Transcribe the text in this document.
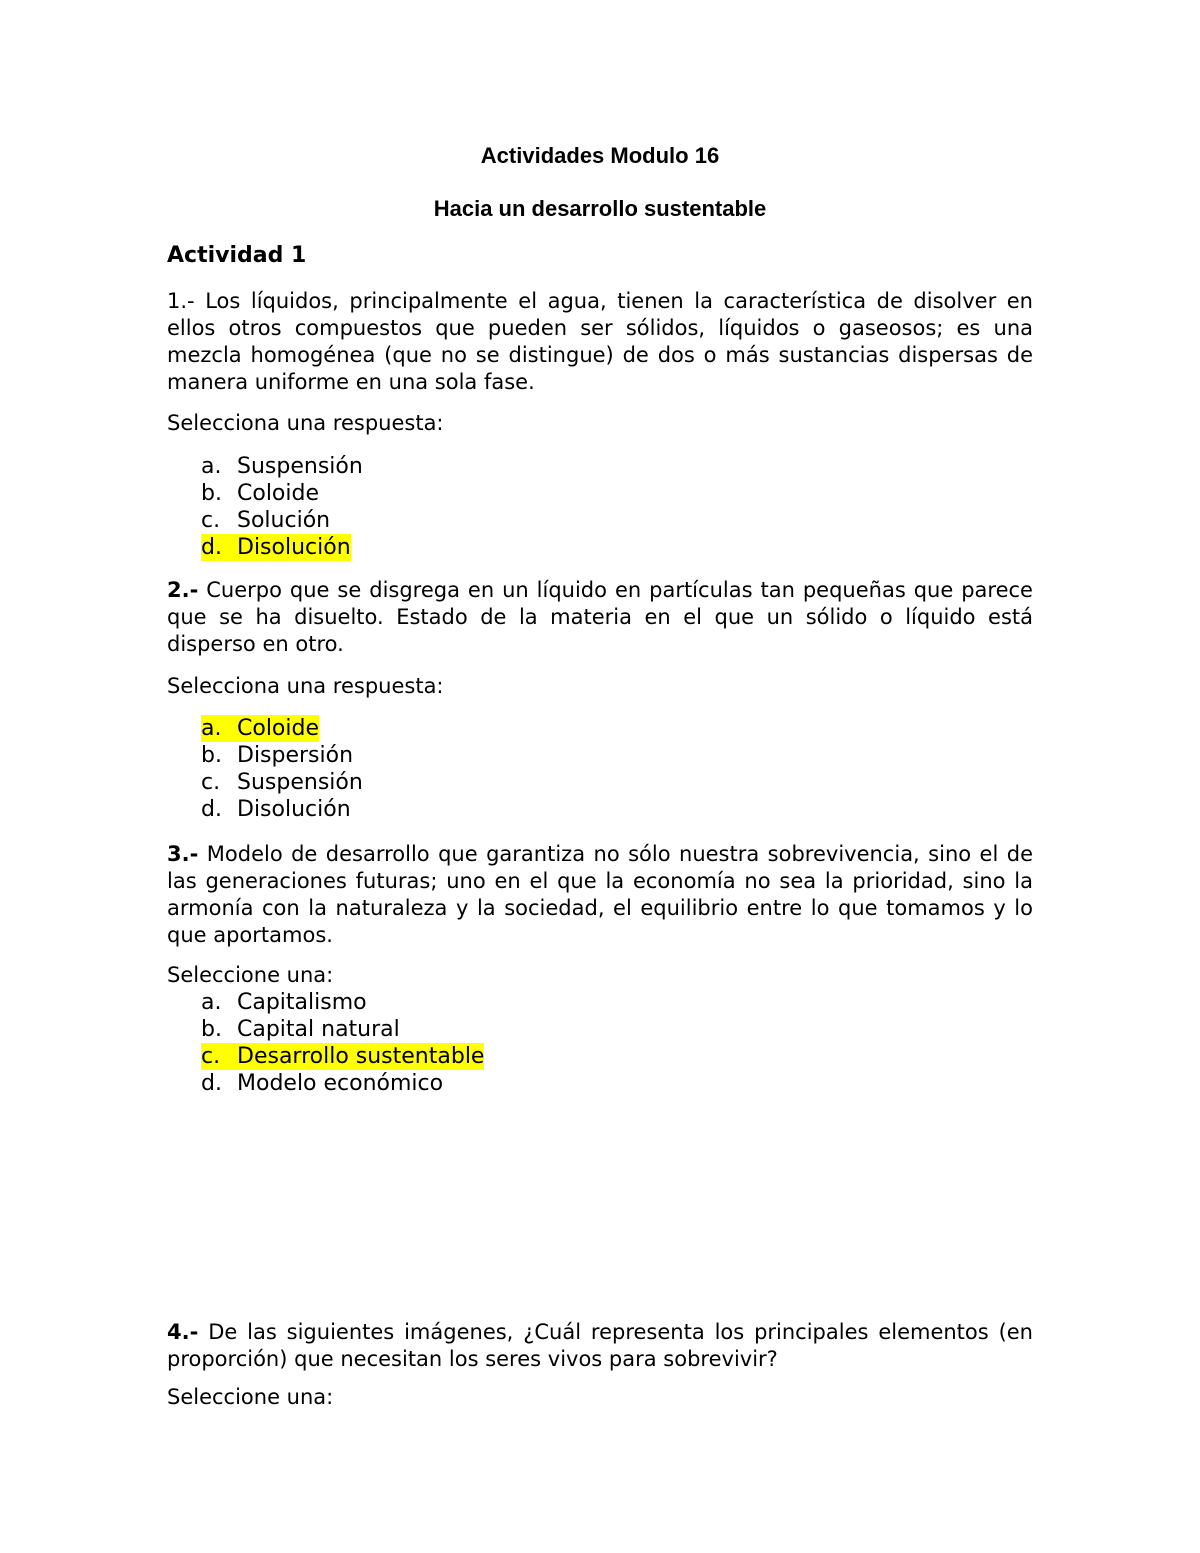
Actividades Modulo 16
Hacia un desarrollo sustentable
Actividad 1
1.- Los líquidos, principalmente el agua, tienen la característica de disolver en ellos otros compuestos que pueden ser sólidos, líquidos o gaseosos; es una mezcla homogénea (que no se distingue) de dos o más sustancias dispersas de manera uniforme en una sola fase.
Selecciona una respuesta:
a. Suspensión
b. Coloide
c. Solución
d. Disolución
2.- Cuerpo que se disgrega en un líquido en partículas tan pequeñas que parece que se ha disuelto. Estado de la materia en el que un sólido o líquido está disperso en otro.
Selecciona una respuesta:
a. Coloide
b. Dispersión
c. Suspensión
d. Disolución
3.- Modelo de desarrollo que garantiza no sólo nuestra sobrevivencia, sino el de las generaciones futuras; uno en el que la economía no sea la prioridad, sino la armonía con la naturaleza y la sociedad, el equilibrio entre lo que tomamos y lo que aportamos.
Seleccione una:
a. Capitalismo
b. Capital natural
c. Desarrollo sustentable
d. Modelo económico
4.- De las siguientes imágenes, ¿Cuál representa los principales elementos (en proporción) que necesitan los seres vivos para sobrevivir?
Seleccione una:
